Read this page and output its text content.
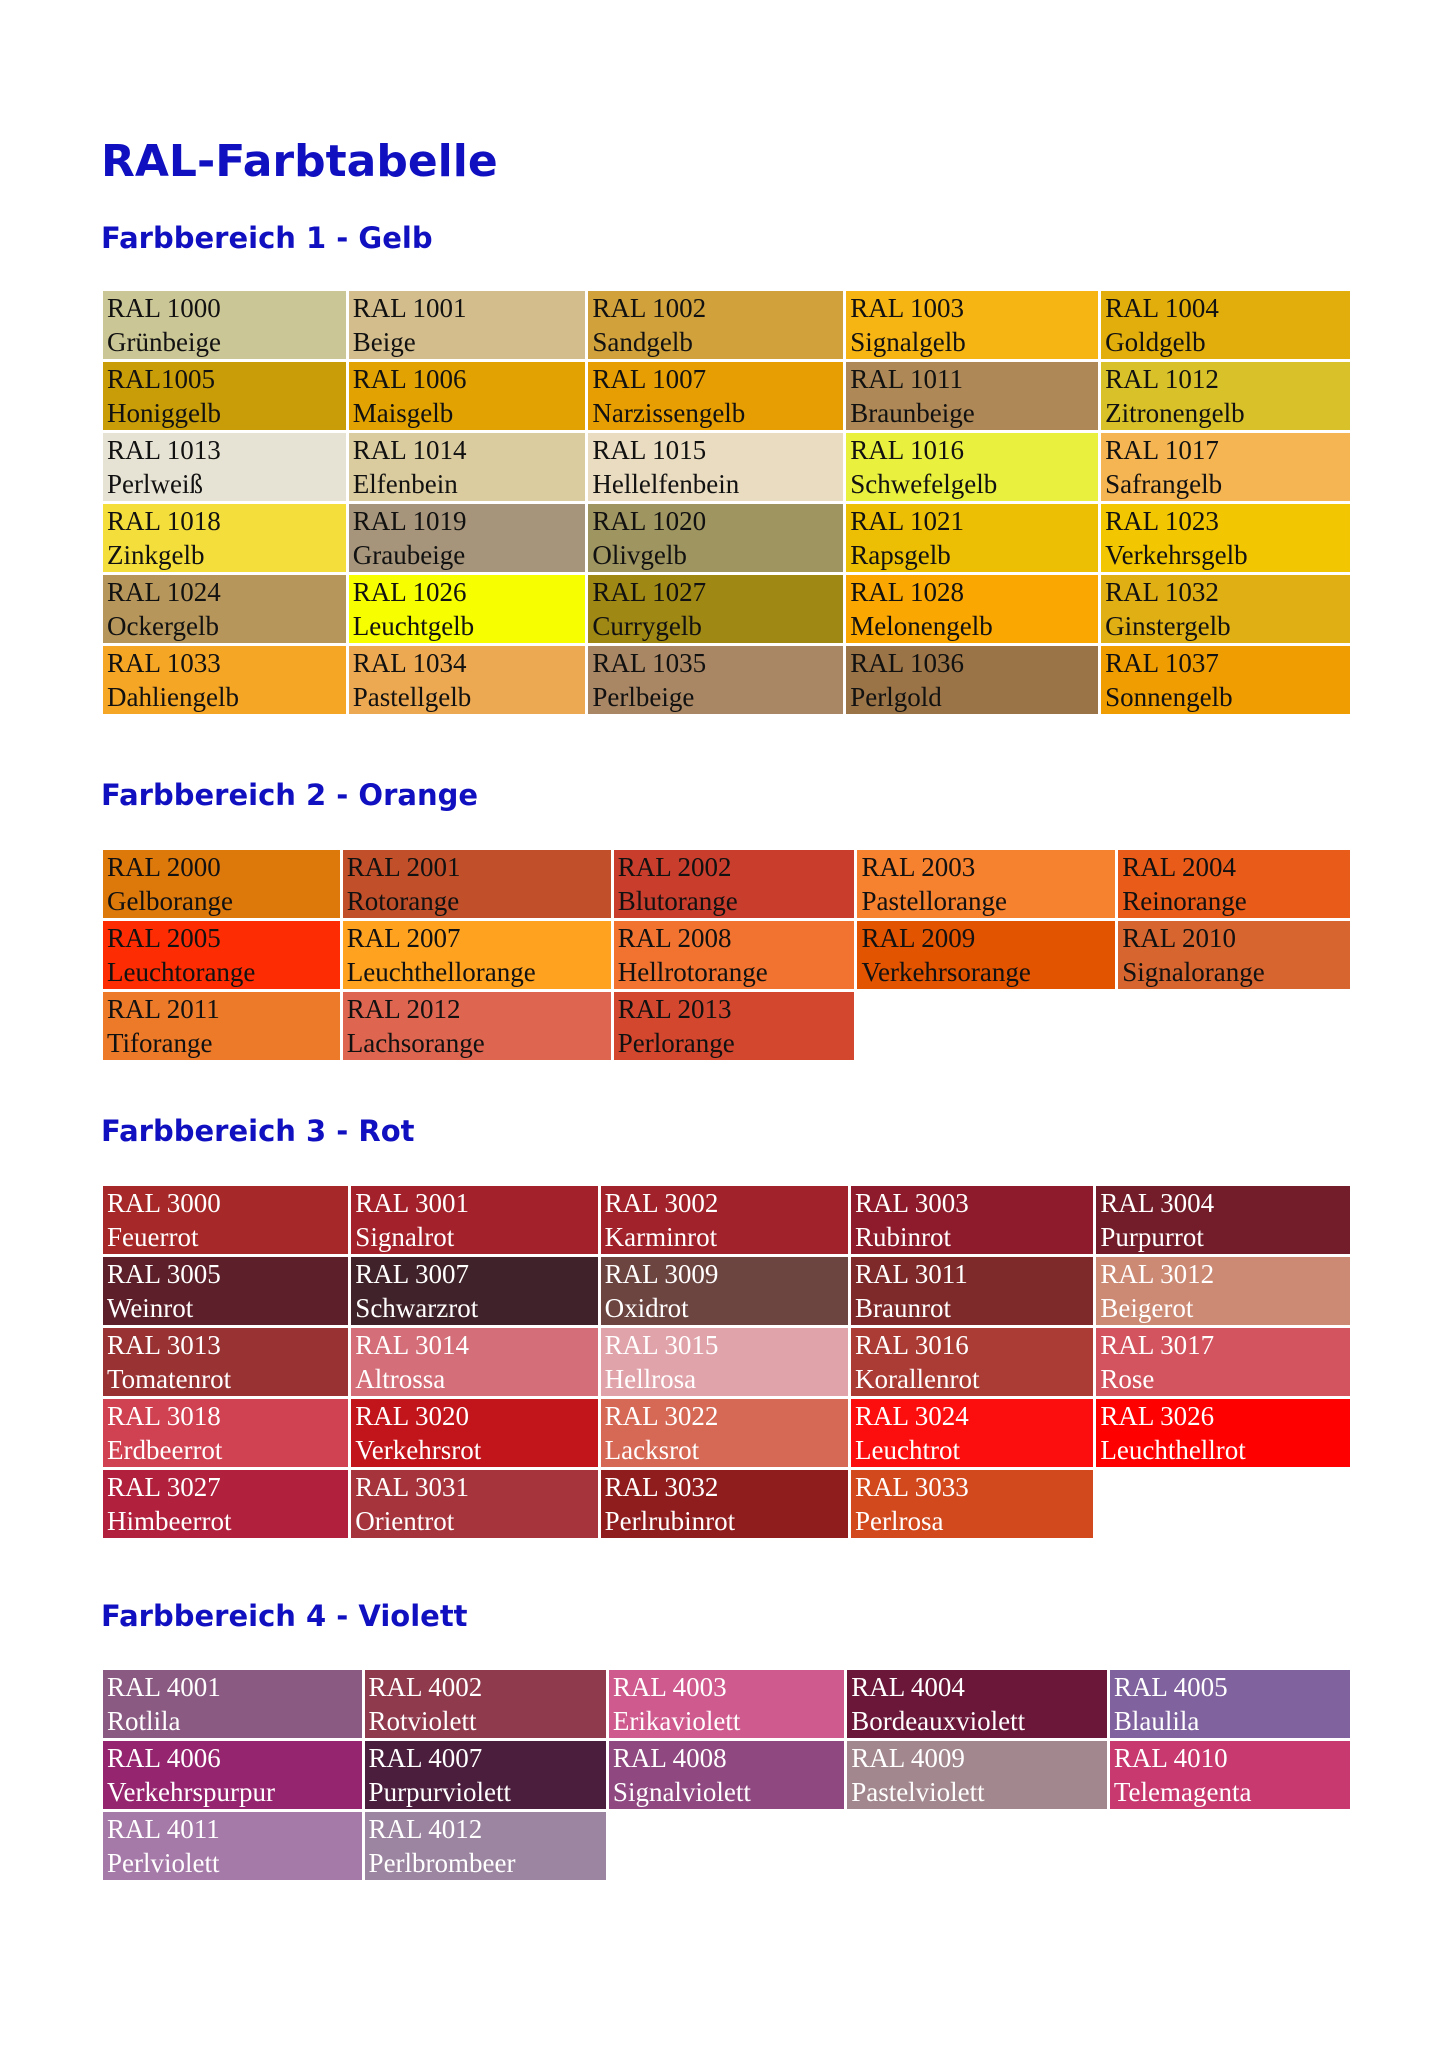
RAL-Farbtabelle
Farbbereich 1 - Gelb
RAL 1000
Grünbeige	RAL 1001
Beige	RAL 1002
Sandgelb	RAL 1003
Signalgelb	RAL 1004
Goldgelb

RAL1005
Honiggelb	RAL 1006
Maisgelb	RAL 1007
Narzissengelb	RAL 1011
Braunbeige	RAL 1012
Zitronengelb

RAL 1013
Perlweiß	RAL 1014
Elfenbein	RAL 1015
Hellelfenbein	RAL 1016
Schwefelgelb	RAL 1017
Safrangelb

RAL 1018
Zinkgelb	RAL 1019
Graubeige	RAL 1020
Olivgelb	RAL 1021
Rapsgelb	RAL 1023
Verkehrsgelb

RAL 1024
Ockergelb	RAL 1026
Leuchtgelb	RAL 1027
Currygelb	RAL 1028
Melonengelb	RAL 1032
Ginstergelb

RAL 1033
Dahliengelb	RAL 1034
Pastellgelb	RAL 1035
Perlbeige	RAL 1036
Perlgold	RAL 1037
Sonnengelb
Farbbereich 2 - Orange
RAL 2000
Gelborange	RAL 2001
Rotorange	RAL 2002
Blutorange	RAL 2003
Pastellorange	RAL 2004
Reinorange

RAL 2005
Leuchtorange	RAL 2007
Leuchthellorange	RAL 2008
Hellrotorange	RAL 2009
Verkehrsorange	RAL 2010
Signalorange

RAL 2011
Tiforange	RAL 2012
Lachsorange	RAL 2013
Perlorange		

Farbbereich 3 - Rot
RAL 3000
Feuerrot	RAL 3001
Signalrot	RAL 3002
Karminrot	RAL 3003
Rubinrot	RAL 3004
Purpurrot

RAL 3005
Weinrot	RAL 3007
Schwarzrot	RAL 3009
Oxidrot	RAL 3011
Braunrot	RAL 3012
Beigerot

RAL 3013
Tomatenrot	RAL 3014
Altrossa	RAL 3015
Hellrosa	RAL 3016
Korallenrot	RAL 3017
Rose

RAL 3018
Erdbeerrot	RAL 3020
Verkehrsrot	RAL 3022
Lacksrot	RAL 3024
Leuchtrot	RAL 3026
Leuchthellrot

RAL 3027
Himbeerrot	RAL 3031
Orientrot	RAL 3032
Perlrubinrot	RAL 3033
Perlrosa	

Farbbereich 4 - Violett
RAL 4001
Rotlila	RAL 4002
Rotviolett	RAL 4003
Erikaviolett	RAL 4004
Bordeauxviolett	RAL 4005
Blaulila

RAL 4006
Verkehrspurpur	RAL 4007
Purpurviolett	RAL 4008
Signalviolett	RAL 4009
Pastelviolett	RAL 4010
Telemagenta

RAL 4011
Perlviolett	RAL 4012
Perlbrombeer			
